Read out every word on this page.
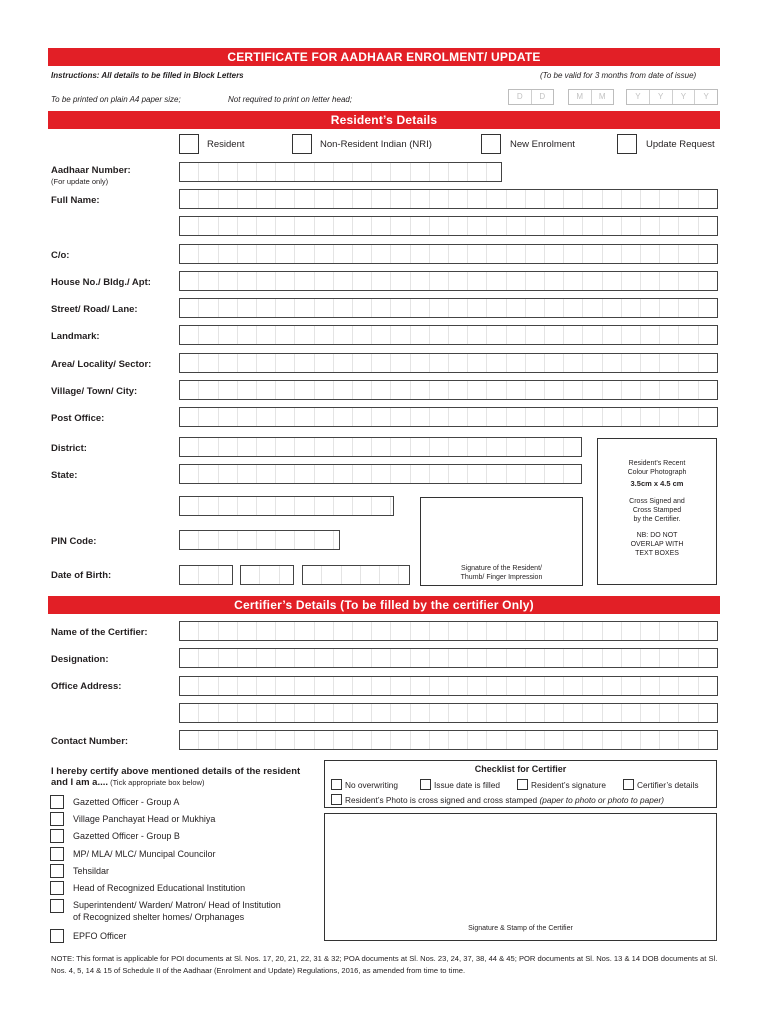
CERTIFICATE FOR AADHAAR ENROLMENT/ UPDATE
Instructions: All details to be filled in Block Letters	(To be valid for 3 months from date of issue)
To be printed on plain A4 paper size;	Not required to print on letter head;	D	D	M	M	Y	Y	Y	Y
Resident’s Details
Resident	Non-Resident Indian (NRI)	New Enrolment	Update Request
Aadhaar Number:
(For update only)
Full Name:
C/o:
House No./ Bldg./ Apt:
Street/ Road/ Lane:
Landmark:
Area/ Locality/ Sector:
Village/ Town/ City:
Post Office:
District:
State:
PIN Code:
Date of Birth:
Signature of the Resident/
Thumb/ Finger Impression
Resident’s Recent
Colour Photograph
3.5cm x 4.5 cm
Cross Signed and
Cross Stamped
by the Certifier.
NB: DO NOT
OVERLAP WITH
TEXT BOXES
Certifier’s Details (To be filled by the certifier Only)
Name of the Certifier:
Designation:
Office Address:
Contact Number:
I hereby certify above mentioned details of the resident
and I am a.... (Tick appropriate box below)
Gazetted Officer - Group A
Village Panchayat Head or Mukhiya
Gazetted Officer - Group B
MP/ MLA/ MLC/ Muncipal Councilor
Tehsildar
Head of Recognized Educational Institution
Superintendent/ Warden/ Matron/ Head of Institution
of Recognized shelter homes/ Orphanages
EPFO Officer
Checklist for Certifier
No overwriting	Issue date is filled	Resident’s signature	Certifier’s details
Resident’s Photo is cross signed and cross stamped (paper to photo or photo to paper)
Signature & Stamp of the Certifier
NOTE: This format is applicable for POI documents at Sl. Nos. 17, 20, 21, 22, 31 & 32; POA documents at Sl. Nos. 23, 24, 37, 38, 44 & 45; POR documents at Sl. Nos. 13 & 14 DOB documents at Sl. Nos. 4, 5, 14 & 15 of Schedule II of the Aadhaar (Enrolment and Update) Regulations, 2016, as amended from time to time.
